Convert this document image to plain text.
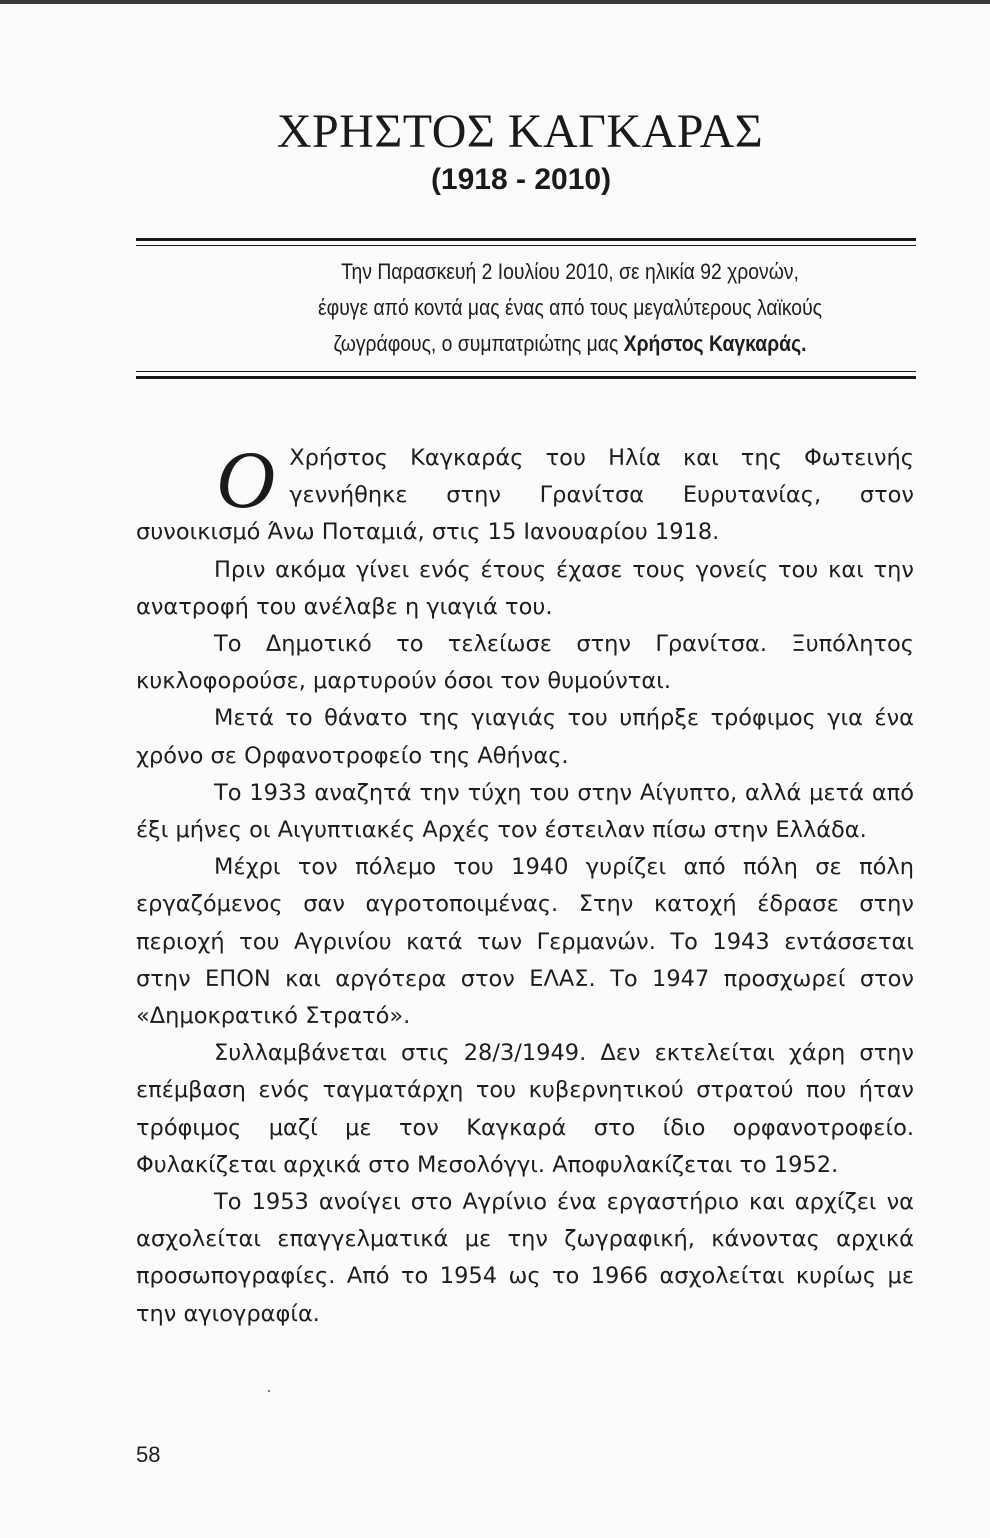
ΧΡΗΣΤΟΣ ΚΑΓΚΑΡΑΣ
(1918 - 2010)
Την Παρασκευή 2 Ιουλίου 2010, σε ηλικία 92 χρονών,
έφυγε από κοντά μας ένας από τους μεγαλύτερους λαϊκούς
ζωγράφους, ο συμπατριώτης μας Χρήστος Καγκαράς.

Ο Χρήστος Καγκαράς του Ηλία και της Φωτεινής γεννήθηκε στην Γρανίτσα Ευρυτανίας, στον συνοικισμό Άνω Ποταμιά, στις 15 Ιανουαρίου 1918.

Πριν ακόμα γίνει ενός έτους έχασε τους γονείς του και την ανατροφή του ανέλαβε η γιαγιά του.

Το Δημοτικό το τελείωσε στην Γρανίτσα. Ξυπόλητος κυκλοφορούσε, μαρτυρούν όσοι τον θυμούνται.

Μετά το θάνατο της γιαγιάς του υπήρξε τρόφιμος για ένα χρόνο σε Ορφανοτροφείο της Αθήνας.

Το 1933 αναζητά την τύχη του στην Αίγυπτο, αλλά μετά από έξι μήνες οι Αιγυπτιακές Αρχές τον έστειλαν πίσω στην Ελλάδα.

Μέχρι τον πόλεμο του 1940 γυρίζει από πόλη σε πόλη εργαζόμενος σαν αγροτοποιμένας. Στην κατοχή έδρασε στην περιοχή του Αγρινίου κατά των Γερμανών. Το 1943 εντάσσεται στην ΕΠΟΝ και αργότερα στον ΕΛΑΣ. Το 1947 προσχωρεί στον «Δημοκρατικό Στρατό».

Συλλαμβάνεται στις 28/3/1949. Δεν εκτελείται χάρη στην επέμβαση ενός ταγματάρχη του κυβερνητικού στρατού που ήταν τρόφιμος μαζί με τον Καγκαρά στο ίδιο ορφανοτροφείο. Φυλακίζεται αρχικά στο Μεσολόγγι. Αποφυλακίζεται το 1952.

Το 1953 ανοίγει στο Αγρίνιο ένα εργαστήριο και αρχίζει να ασχολείται επαγγελματικά με την ζωγραφική, κάνοντας αρχικά προσωπογραφίες. Από το 1954 ως το 1966 ασχολείται κυρίως με την αγιογραφία.

58
